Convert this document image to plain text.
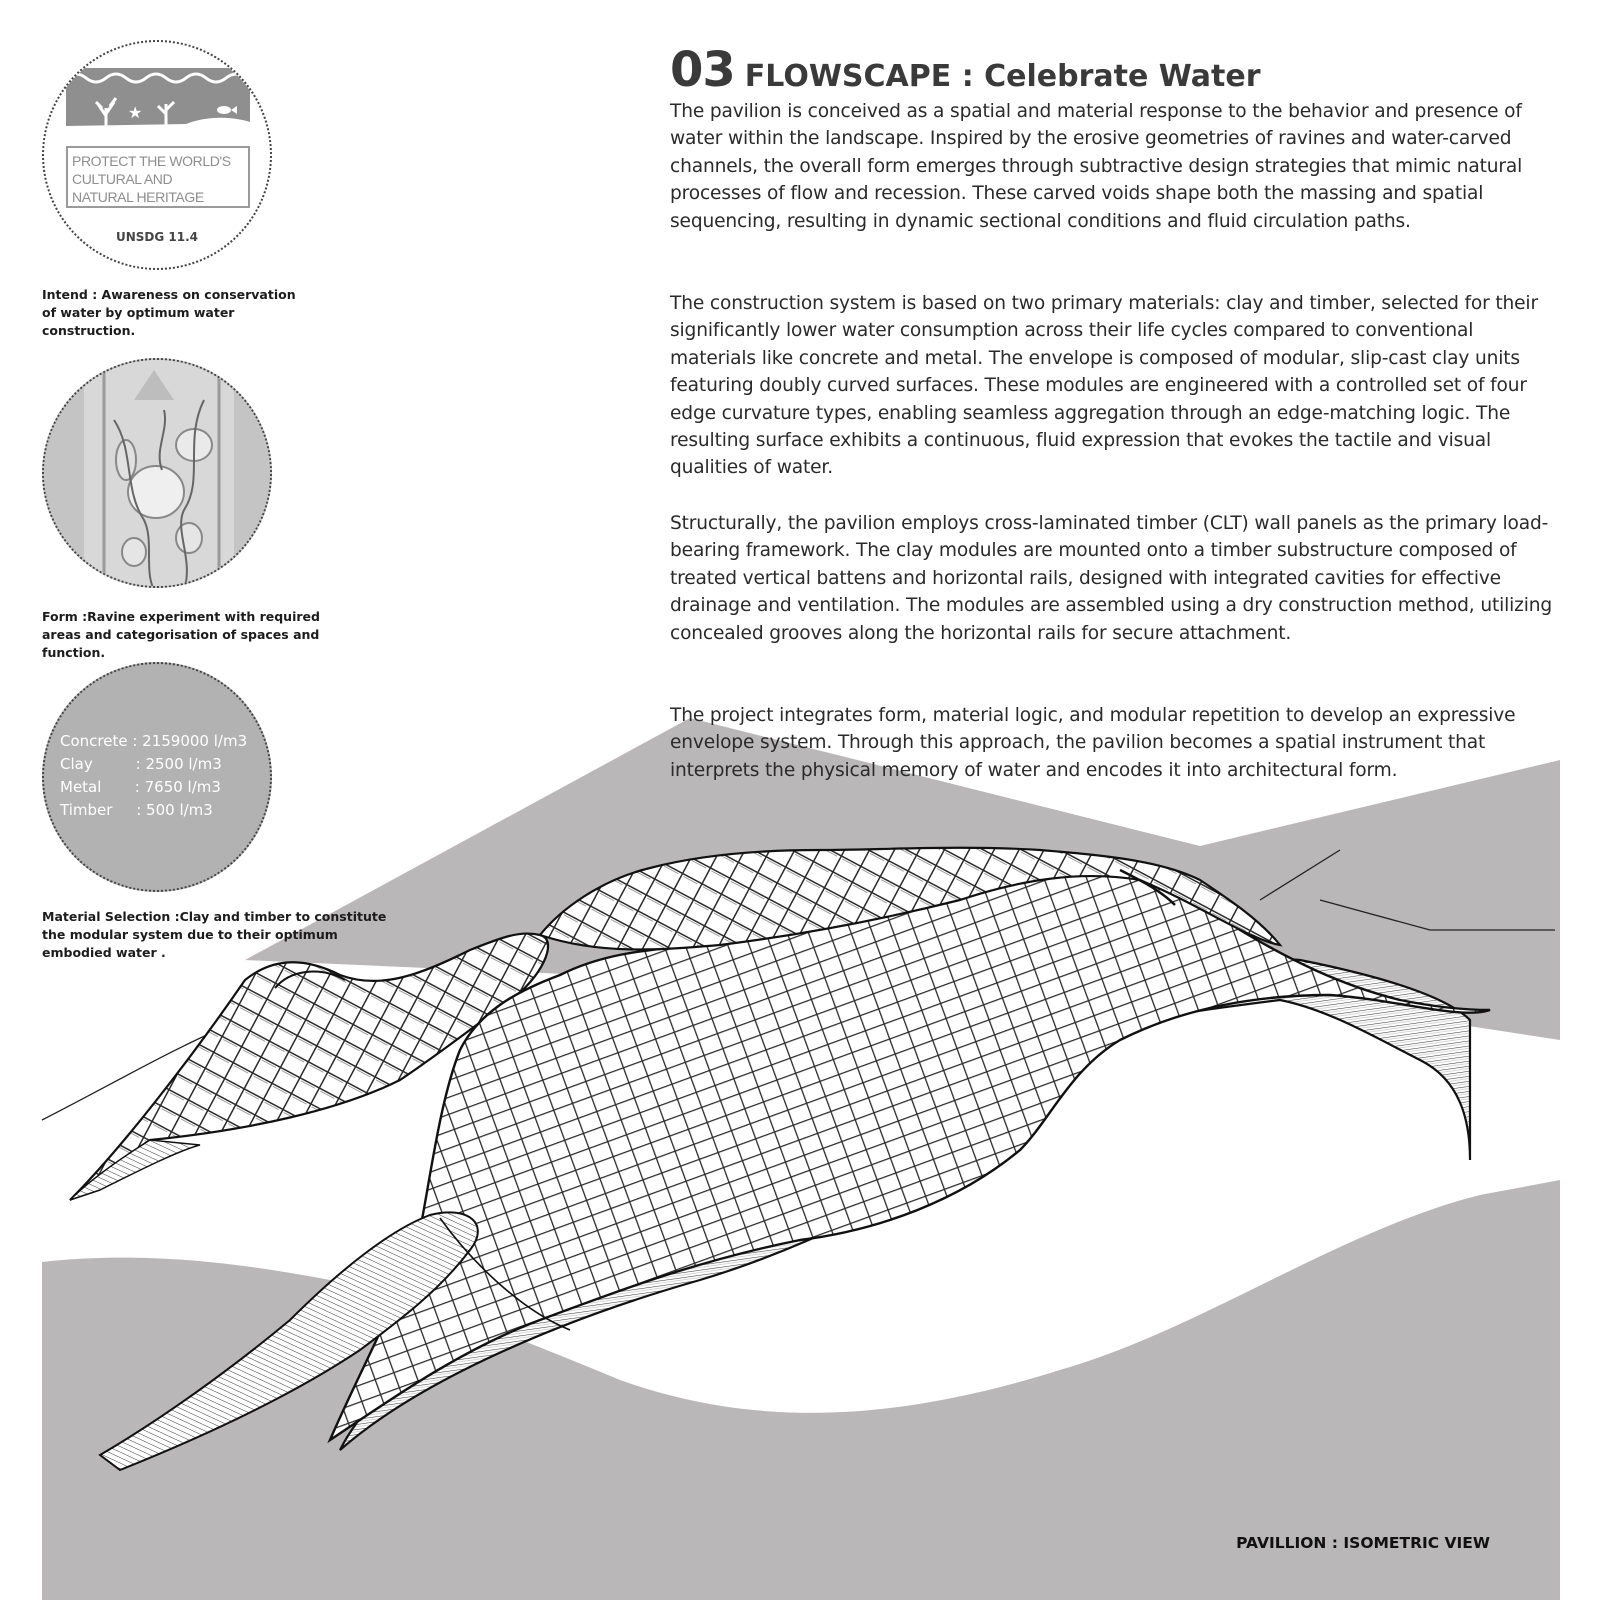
★
PROTECT THE WORLD'S
CULTURAL AND
NATURAL HERITAGE
UNSDG 11.4
Intend : Awareness on conservation of water by optimum water construction.
Form :Ravine experiment with required areas and categorisation of spaces and function.
Concrete : 2159000 l/m3
Clay         : 2500 l/m3
Metal       : 7650 l/m3
Timber     : 500 l/m3
Material Selection :Clay and timber to constitute the modular system due to their optimum embodied water .
03 FLOWSCAPE : Celebrate Water
The pavilion is conceived as a spatial and material response to the behavior and presence of water within the landscape. Inspired by the erosive geometries of ravines and water-carved channels, the overall form emerges through subtractive design strategies that mimic natural processes of flow and recession. These carved voids shape both the massing and spatial sequencing, resulting in dynamic sectional conditions and fluid circulation paths.
The construction system is based on two primary materials: clay and timber, selected for their significantly lower water consumption across their life cycles compared to conventional materials like concrete and metal. The envelope is composed of modular, slip-cast clay units featuring doubly curved surfaces. These modules are engineered with a controlled set of four edge curvature types, enabling seamless aggregation through an edge-matching logic. The resulting surface exhibits a continuous, fluid expression that evokes the tactile and visual qualities of water.
Structurally, the pavilion employs cross-laminated timber (CLT) wall panels as the primary load-bearing framework. The clay modules are mounted onto a timber substructure composed of treated vertical battens and horizontal rails, designed with integrated cavities for effective drainage and ventilation. The modules are assembled using a dry construction method, utilizing concealed grooves along the horizontal rails for secure attachment.
The project integrates form, material logic, and modular repetition to develop an expressive envelope system. Through this approach, the pavilion becomes a spatial instrument that interprets the physical memory of water and encodes it into architectural form.
PAVILLION : ISOMETRIC VIEW
